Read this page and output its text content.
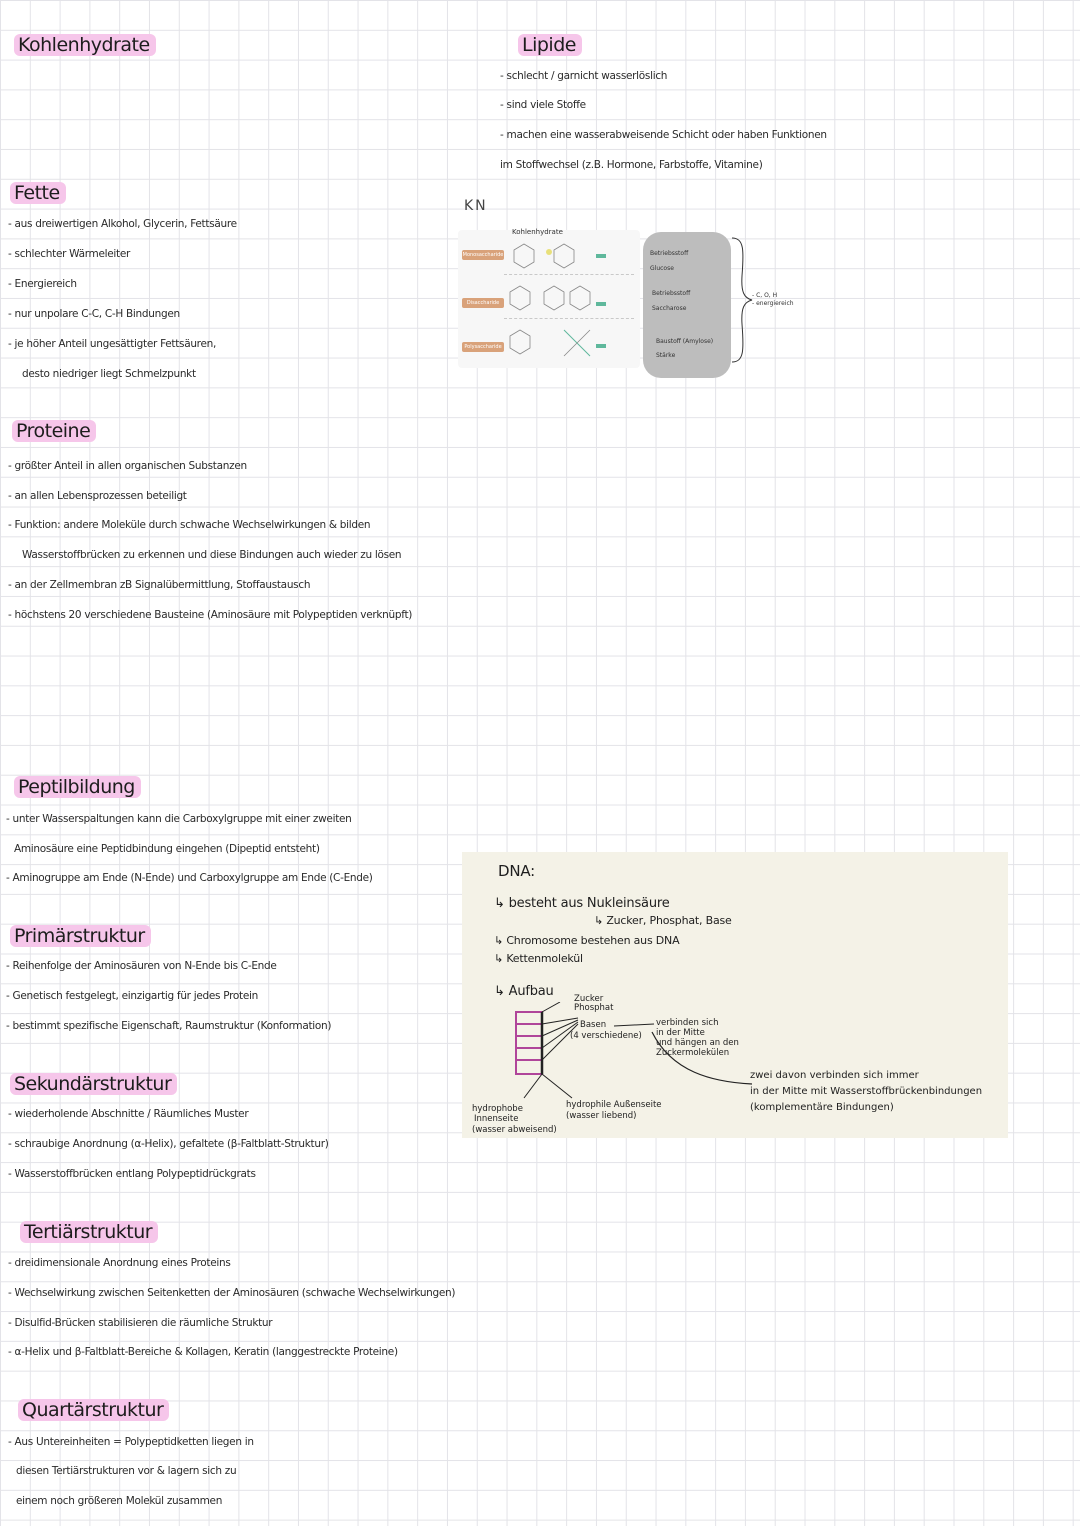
Kohlenhydrate
Fette
- aus dreiwertigen Alkohol, Glycerin, Fettsäure
- schlechter Wärmeleiter
- Energiereich
- nur unpolare C-C, C-H Bindungen
- je höher Anteil ungesättigter Fettsäuren,
desto niedriger liegt Schmelzpunkt
Proteine
- größter Anteil in allen organischen Substanzen
- an allen Lebensprozessen beteiligt
- Funktion: andere Moleküle durch schwache Wechselwirkungen & bilden
Wasserstoffbrücken zu erkennen und diese Bindungen auch wieder zu lösen
- an der Zellmembran zB Signalübermittlung, Stoffaustausch
- höchstens 20 verschiedene Bausteine (Aminosäure mit Polypeptiden verknüpft)
Peptilbildung
- unter Wasserspaltungen kann die Carboxylgruppe mit einer zweiten
Aminosäure eine Peptidbindung eingehen (Dipeptid entsteht)
- Aminogruppe am Ende (N-Ende) und Carboxylgruppe am Ende (C-Ende)
Primärstruktur
- Reihenfolge der Aminosäuren von N-Ende bis C-Ende
- Genetisch festgelegt, einzigartig für jedes Protein
- bestimmt spezifische Eigenschaft, Raumstruktur (Konformation)
Sekundärstruktur
- wiederholende Abschnitte / Räumliches Muster
- schraubige Anordnung (α-Helix), gefaltete (β-Faltblatt-Struktur)
- Wasserstoffbrücken entlang Polypeptidrückgrats
Tertiärstruktur
- dreidimensionale Anordnung eines Proteins
- Wechselwirkung zwischen Seitenketten der Aminosäuren (schwache Wechselwirkungen)
- Disulfid-Brücken stabilisieren die räumliche Struktur
- α-Helix und β-Faltblatt-Bereiche & Kollagen, Keratin (langgestreckte Proteine)
Quartärstruktur
- Aus Untereinheiten = Polypeptidketten liegen in
diesen Tertiärstrukturen vor & lagern sich zu
einem noch größeren Molekül zusammen
Lipide
- schlecht / garnicht wasserlöslich
- sind viele Stoffe
- machen eine wasserabweisende Schicht oder haben Funktionen
im Stoffwechsel (z.B. Hormone, Farbstoffe, Vitamine)
KN
Kohlenhydrate
Monosaccharide
Disaccharide
Polysaccharide
Betriebsstoff
Glucose
Betriebsstoff
Saccharose
Baustoff (Amylose)
Stärke
- C, O, H
- energiereich
DNA:
↳ besteht aus Nukleinsäure
↳ Zucker, Phosphat, Base
↳ Chromosome bestehen aus DNA
↳ Kettenmolekül
↳ Aufbau Zucker
Phosphat
Basen
(4 verschiedene)
verbinden sich
in der Mitte
und hängen an den
Zuckermolekülen
hydrophobe
Innenseite
(wasser abweisend)
hydrophile Außenseite
(wasser liebend)
zwei davon verbinden sich immer
in der Mitte mit Wasserstoffbrückenbindungen
(komplementäre Bindungen)
